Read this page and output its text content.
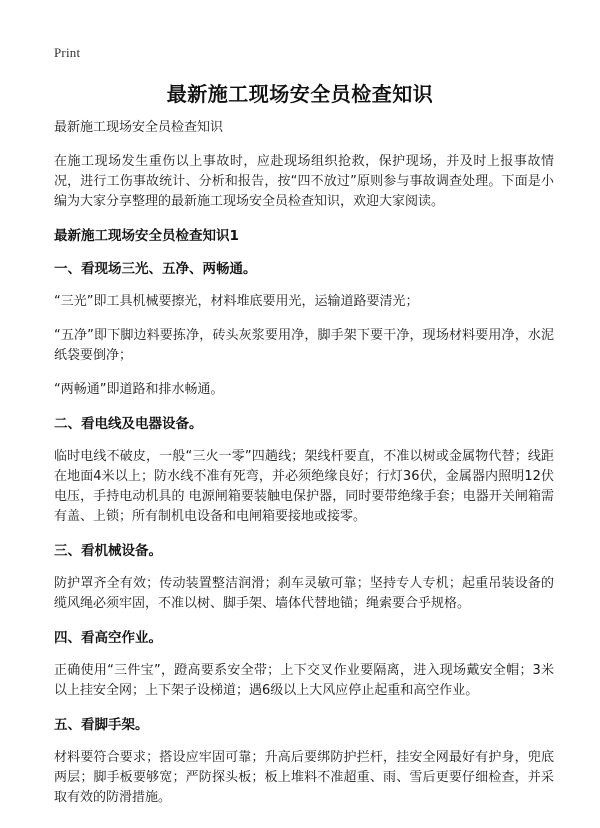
Print
最新施工现场安全员检查知识

最新施工现场安全员检查知识

在施工现场发生重伤以上事故时，应赴现场组织抢救，保护现场，并及时上报事故情况，进行工伤事故统计、分析和报告，按“四不放过”原则参与事故调查处理。下面是小编为大家分享整理的最新施工现场安全员检查知识，欢迎大家阅读。

最新施工现场安全员检查知识1

一、看现场三光、五净、两畅通。

“三光”即工具机械要擦光，材料堆底要用光，运输道路要清光；

“五净”即下脚边料要拣净，砖头灰浆要用净，脚手架下要干净，现场材料要用净，水泥纸袋要倒净；

“两畅通”即道路和排水畅通。

二、看电线及电器设备。

临时电线不破皮，一般“三火一零”四趟线；架线杆要直，不准以树或金属物代替；线距在地面4米以上；防水线不准有死弯，并必须绝缘良好；行灯36伏，金属器内照明12伏电压，手持电动机具的 电源闸箱要装触电保护器，同时要带绝缘手套；电器开关闸箱需有盖、上锁；所有制机电设备和电闸箱要接地或接零。

三、看机械设备。

防护罩齐全有效；传动装置整洁润滑；刹车灵敏可靠；坚持专人专机；起重吊装设备的缆风绳必须牢固，不准以树、脚手架、墙体代替地锚；绳索要合乎规格。

四、看高空作业。

正确使用“三件宝”，蹬高要系安全带；上下交叉作业要隔离，进入现场戴安全帽；3米以上挂安全网；上下架子设梯道；遇6级以上大风应停止起重和高空作业。

五、看脚手架。

材料要符合要求；搭设应牢固可靠；升高后要绑防护拦杆，挂安全网最好有护身，兜底两层；脚手板要够宽；严防探头板；板上堆料不准超重、雨、雪后更要仔细检查，并采取有效的防滑措施。
